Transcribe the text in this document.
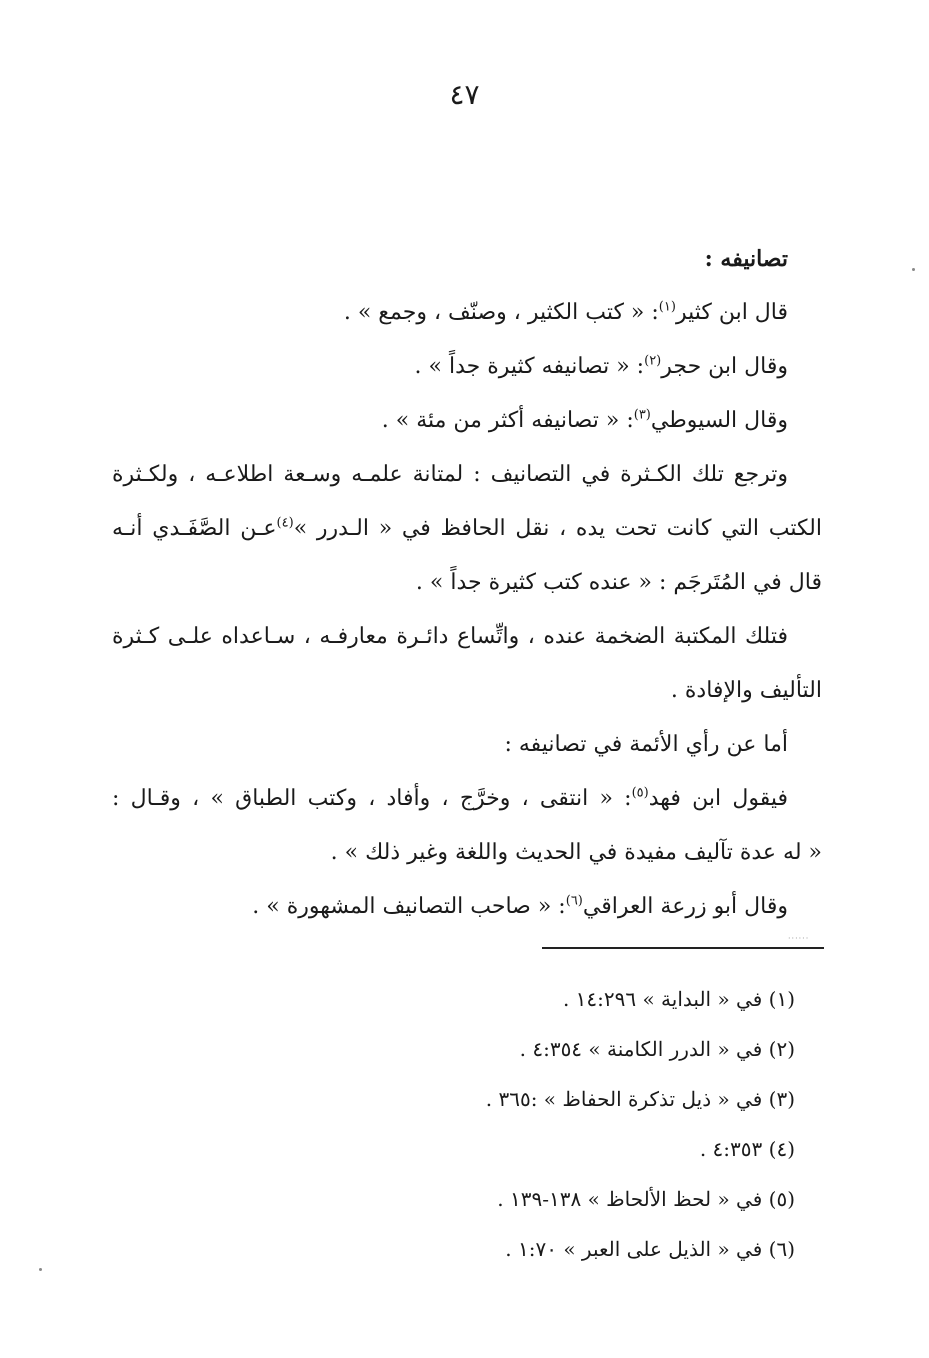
٤٧
تصانيفه :
قال ابن كثير$^{(١)}$: « كتب الكثير ، وصنّف ، وجمع » .
وقال ابن حجر$^{(٢)}$: « تصانيفه كثيرة جداً » .
وقال السيوطي$^{(٣)}$: « تصانيفه أكثر من مئة » .
وترجع تلك الكـثرة في التصانيف : لمتانة علمـه وسـعة اطلاعـه ، ولكـثرة
الكتب التي كانت تحت يده ، نقل الحافظ في « الـدرر »$^{(٤)}$عـن الصَّفَـدي أنـه
قال في المُتَرجَم : « عنده كتب كثيرة جداً » .
فتلك المكتبة الضخمة عنده ، واتِّساع دائـرة معارفـه ، سـاعداه علـى كـثرة
التأليف والإفادة .
أما عن رأي الأئمة في تصانيفه :
فيقول ابن فهد$^{(٥)}$: « انتقى ، وخرَّج ، وأفاد ، وكتب الطباق » ، وقـال :
« له عدة تآليف مفيدة في الحديث واللغة وغير ذلك » .
وقال أبو زرعة العراقي$^{(٦)}$: « صاحب التصانيف المشهورة » .
······
(١) في « البداية » ١٤:٢٩٦ .
(٢) في « الدرر الكامنة » ٤:٣٥٤ .
(٣) في « ذيل تذكرة الحفاظ » :٣٦٥ .
(٤) ٤:٣٥٣ .
(٥) في « لحظ الألحاظ » ١٣٨-١٣٩ .
(٦) في « الذيل على العبر » ١:٧٠ .
